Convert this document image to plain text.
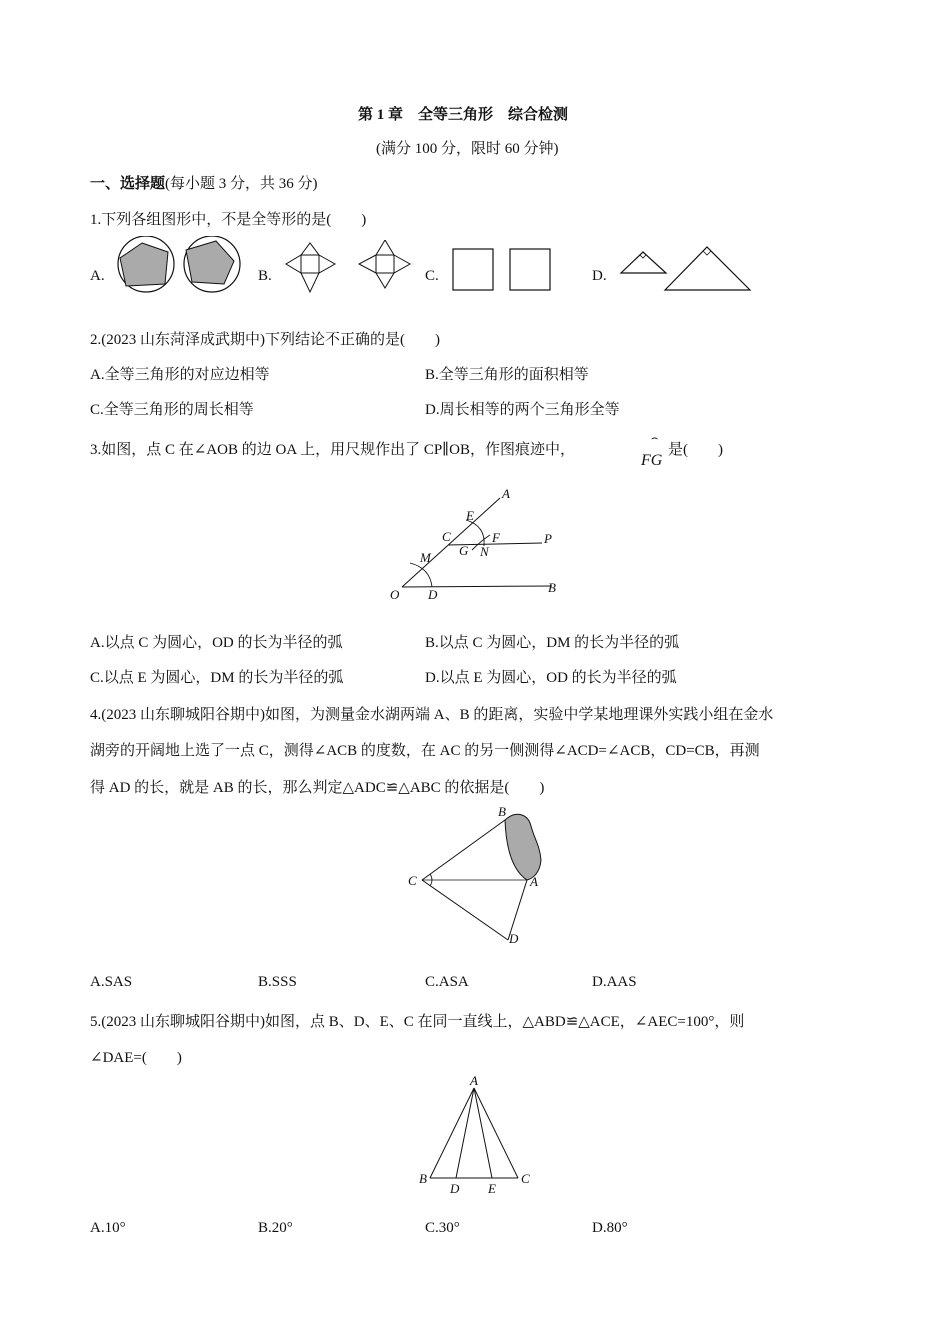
第 1 章　全等三角形　综合检测
(满分 100 分，限时 60 分钟)
一、选择题(每小题 3 分，共 36 分)
1.下列各组图形中，不是全等形的是(　　)
A.	B.	C.	D.
2.(2023 山东菏泽成武期中)下列结论不正确的是(　　)
A.全等三角形的对应边相等	B.全等三角形的面积相等
C.全等三角形的周长相等	D.周长相等的两个三角形全等
3.如图，点 C 在∠AOB 的边 OA 上，用尺规作出了 CP∥OB，作图痕迹中，
⌢
FG
是(　　)
A
E
C	F	P
G N
M
O D	B
A.以点 C 为圆心，OD 的长为半径的弧	B.以点 C 为圆心，DM 的长为半径的弧
C.以点 E 为圆心，DM 的长为半径的弧	D.以点 E 为圆心，OD 的长为半径的弧
4.(2023 山东聊城阳谷期中)如图，为测量金水湖两端 A、B 的距离，实验中学某地理课外实践小组在金水
湖旁的开阔地上选了一点 C，测得∠ACB 的度数，在 AC 的另一侧测得∠ACD=∠ACB，CD=CB，再测
得 AD 的长，就是 AB 的长，那么判定△ADC≌△ABC 的依据是(　　)
B
C	A
D
A.SAS	B.SSS	C.ASA	D.AAS
5.(2023 山东聊城阳谷期中)如图，点 B、D、E、C 在同一直线上，△ABD≌△ACE，∠AEC=100°，则
∠DAE=(　　)
A
B
D E
C
A.10°	B.20°	C.30°	D.80°
